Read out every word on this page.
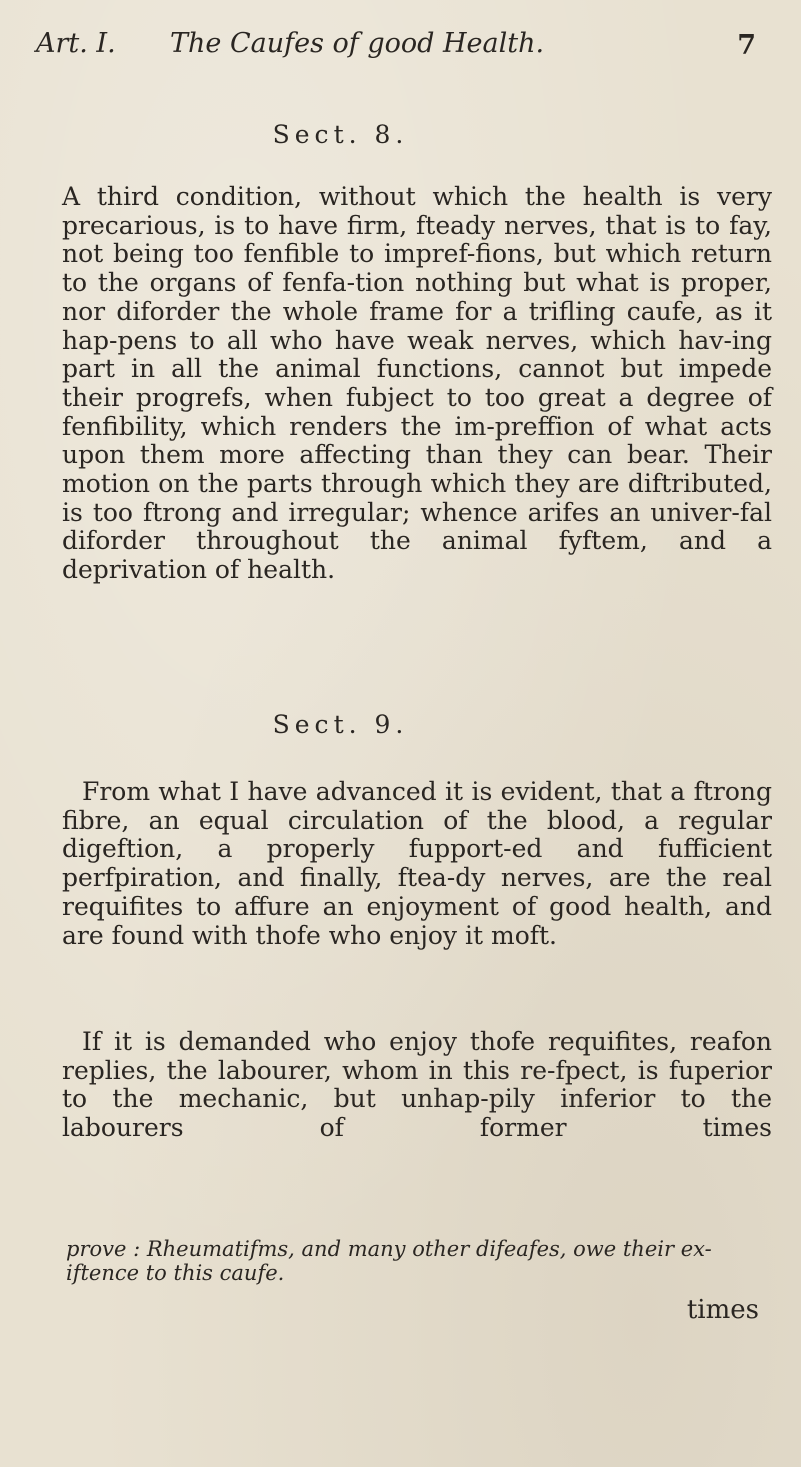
Art. I. The Caufes of good Health.	7
Sect. 8.

A third condition, without which the health is very precarious, is to have firm, fteady nerves, that is to fay, not being too fenfible to impref-fions, but which return to the organs of fenfa-tion nothing but what is proper, nor diforder the whole frame for a trifling caufe, as it hap-pens to all who have weak nerves, which hav-ing part in all the animal functions, cannot but impede their progrefs, when fubject to too great a degree of fenfibility, which renders the im-preffion of what acts upon them more affecting than they can bear. Their motion on the parts through which they are diftributed, is too ftrong and irregular; whence arifes an univer-fal diforder throughout the animal fyftem, and a deprivation of health.

Sect. 9.

From what I have advanced it is evident, that a ftrong fibre, an equal circulation of the blood, a regular digeftion, a properly fupport-ed and fufficient perfpiration, and finally, ftea-dy nerves, are the real requifites to affure an enjoyment of good health, and are found with thofe who enjoy it moft.

If it is demanded who enjoy thofe requifites, reafon replies, the labourer, whom in this re-fpect, is fuperior to the mechanic, but unhap-pily inferior to the labourers of former times

prove : Rheumatifms, and many other difeafes, owe their ex-iftence to this caufe.
times
